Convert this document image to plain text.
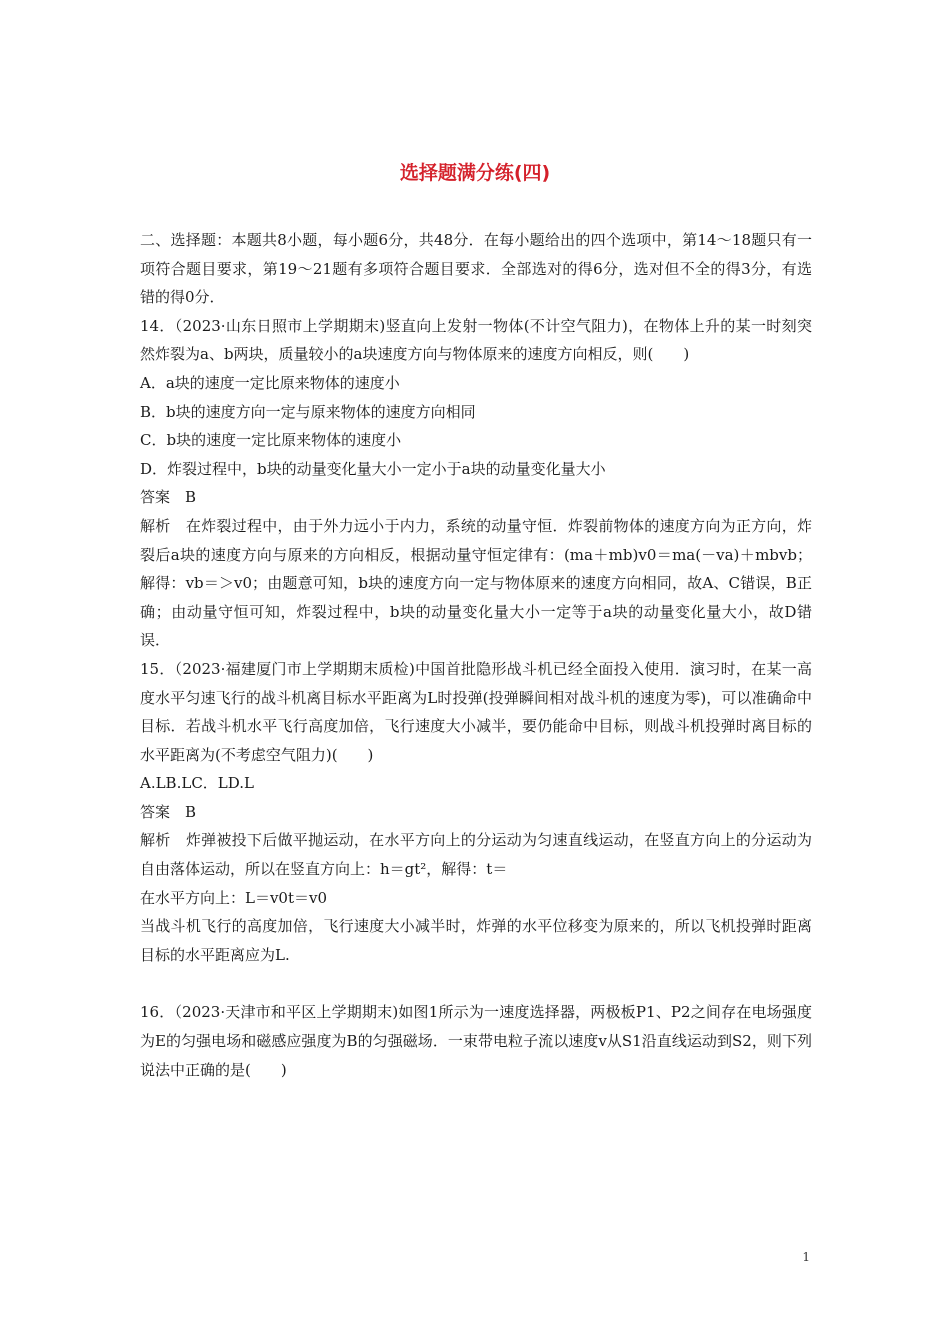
选择题满分练(四)

二、选择题：本题共8小题，每小题6分，共48分．在每小题给出的四个选项中，第14～18题只有一项符合题目要求，第19～21题有多项符合题目要求．全部选对的得6分，选对但不全的得3分，有选错的得0分．

14．（2023·山东日照市上学期期末)竖直向上发射一物体(不计空气阻力)，在物体上升的某一时刻突然炸裂为a、b两块，质量较小的a块速度方向与物体原来的速度方向相反，则(　　)

A．a块的速度一定比原来物体的速度小

B．b块的速度方向一定与原来物体的速度方向相同

C．b块的速度一定比原来物体的速度小

D．炸裂过程中，b块的动量变化量大小一定小于a块的动量变化量大小

答案　B

解析　在炸裂过程中，由于外力远小于内力，系统的动量守恒．炸裂前物体的速度方向为正方向，炸裂后a块的速度方向与原来的方向相反，根据动量守恒定律有：(ma＋mb)v0＝ma(－va)＋mbvb；解得：vb＝＞v0；由题意可知，b块的速度方向一定与物体原来的速度方向相同，故A、C错误，B正确；由动量守恒可知，炸裂过程中，b块的动量变化量大小一定等于a块的动量变化量大小，故D错误．

15．（2023·福建厦门市上学期期末质检)中国首批隐形战斗机已经全面投入使用．演习时，在某一高度水平匀速飞行的战斗机离目标水平距离为L时投弹(投弹瞬间相对战斗机的速度为零)，可以准确命中目标．若战斗机水平飞行高度加倍，飞行速度大小减半，要仍能命中目标，则战斗机投弹时离目标的水平距离为(不考虑空气阻力)(　　)

A.LB.LC．LD.L

答案　B

解析　炸弹被投下后做平抛运动，在水平方向上的分运动为匀速直线运动，在竖直方向上的分运动为自由落体运动，所以在竖直方向上：h＝gt²，解得：t＝

在水平方向上：L＝v0t＝v0

当战斗机飞行的高度加倍，飞行速度大小减半时，炸弹的水平位移变为原来的，所以飞机投弹时距离目标的水平距离应为L.

16．（2023·天津市和平区上学期期末)如图1所示为一速度选择器，两极板P1、P2之间存在电场强度为E的匀强电场和磁感应强度为B的匀强磁场．一束带电粒子流以速度v从S1沿直线运动到S2，则下列说法中正确的是(　　)

1
